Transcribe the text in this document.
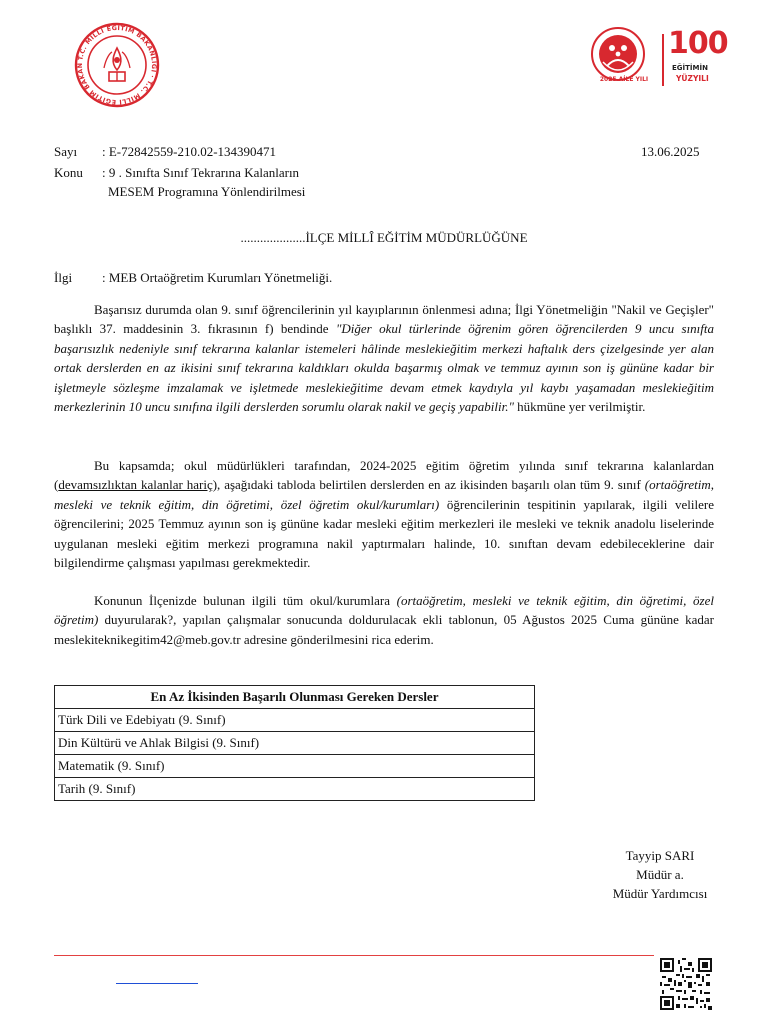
T.C. MİLLÎ EĞİTİM BAKANLIĞI · T.C. MİLLÎ EĞİTİM BAKAN
2025 AİLE YILI
100
EĞİTİMİN
YÜZYILI
Sayı : E-72842559-210.02-134390471	13.06.2025
Konu : 9 . Sınıfta Sınıf Tekrarına Kalanların
MESEM Programına Yönlendirilmesi
....................İLÇE MİLLÎ EĞİTİM MÜDÜRLÜĞÜNE
İlgi : MEB Ortaöğretim Kurumları Yönetmeliği.
Başarısız durumda olan 9. sınıf öğrencilerinin yıl kayıplarının önlenmesi adına; İlgi Yönetmeliğin "Nakil ve Geçişler" başlıklı 37. maddesinin 3. fıkrasının f) bendinde "Diğer okul türlerinde öğrenim gören öğrencilerden 9 uncu sınıfta başarısızlık nedeniyle sınıf tekrarına kalanlar istemeleri hâlinde meslekieğitim merkezi haftalık ders çizelgesinde yer alan ortak derslerden en az ikisini sınıf tekrarına kaldıkları okulda başarmış olmak ve temmuz ayının son iş gününe kadar bir işletmeyle sözleşme imzalamak ve işletmede meslekieğitime devam etmek kaydıyla yıl kaybı yaşamadan meslekieğitim merkezlerinin 10 uncu sınıfına ilgili derslerden sorumlu olarak nakil ve geçiş yapabilir." hükmüne yer verilmiştir.
Bu kapsamda; okul müdürlükleri tarafından, 2024-2025 eğitim öğretim yılında sınıf tekrarına kalanlardan (devamsızlıktan kalanlar hariç), aşağıdaki tabloda belirtilen derslerden en az ikisinden başarılı olan tüm 9. sınıf (ortaöğretim, mesleki ve teknik eğitim, din öğretimi, özel öğretim okul/kurumları) öğrencilerinin tespitinin yapılarak, ilgili velilere öğrencilerini; 2025 Temmuz ayının son iş gününe kadar mesleki eğitim merkezleri ile mesleki ve teknik anadolu liselerinde uygulanan mesleki eğitim merkezi programına nakil yaptırmaları halinde, 10. sınıftan devam edebileceklerine dair bilgilendirme çalışması yapılması gerekmektedir.
Konunun İlçenizde bulunan ilgili tüm okul/kurumlara (ortaöğretim, mesleki ve teknik eğitim, din öğretimi, özel öğretim) duyurularak?, yapılan çalışmalar sonucunda doldurulacak ekli tablonun, 05 Ağustos 2025 Cuma gününe kadar meslekiteknikegitim42@meb.gov.tr adresine gönderilmesini rica ederim.
En Az İkisinden Başarılı Olunması Gereken Dersler
Türk Dili ve Edebiyatı (9. Sınıf)
Din Kültürü ve Ahlak Bilgisi (9. Sınıf)
Matematik (9. Sınıf)
Tarih (9. Sınıf)
Tayyip SARI
Müdür a.
Müdür Yardımcısı
